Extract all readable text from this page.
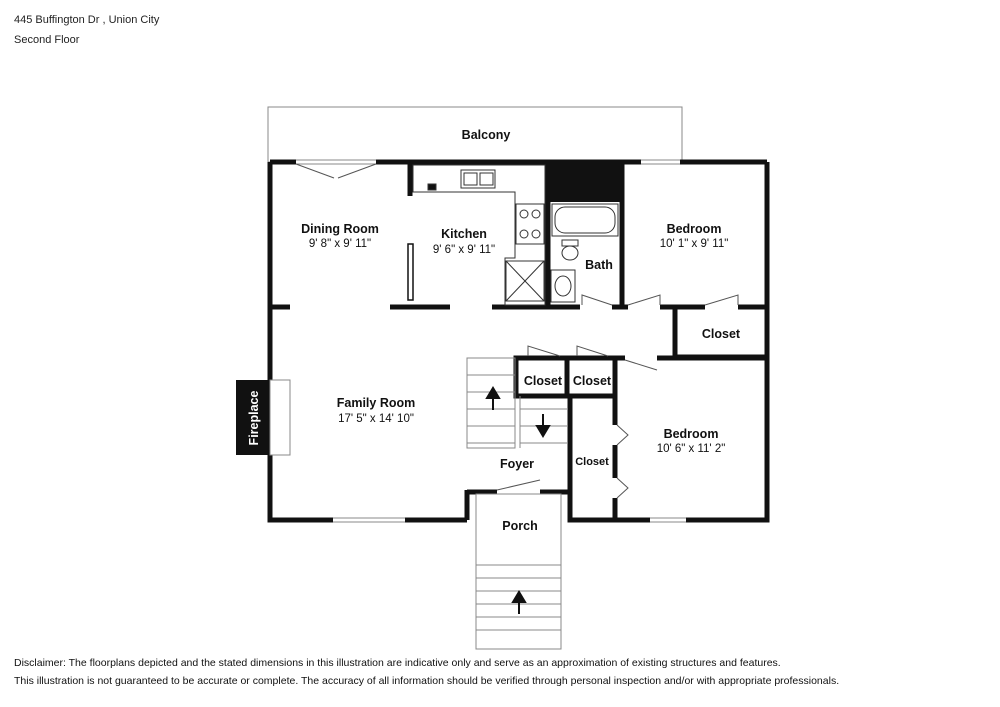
445 Buffington Dr , Union City
Second Floor
Balcony
Dining Room
9' 8" x 9' 11"
Kitchen
9' 6" x 9' 11"
Bath
Bedroom
10' 1" x 9' 11"
Closet
Closet Closet
Family Room
17' 5" x 14' 10"
Fireplace
Foyer	Closet
Bedroom
10' 6" x 11' 2"
Porch
Disclaimer: The floorplans depicted and the stated dimensions in this illustration are indicative only and serve as an approximation of existing structures and features.
This illustration is not guaranteed to be accurate or complete. The accuracy of all information should be verified through personal inspection and/or with appropriate professionals.
